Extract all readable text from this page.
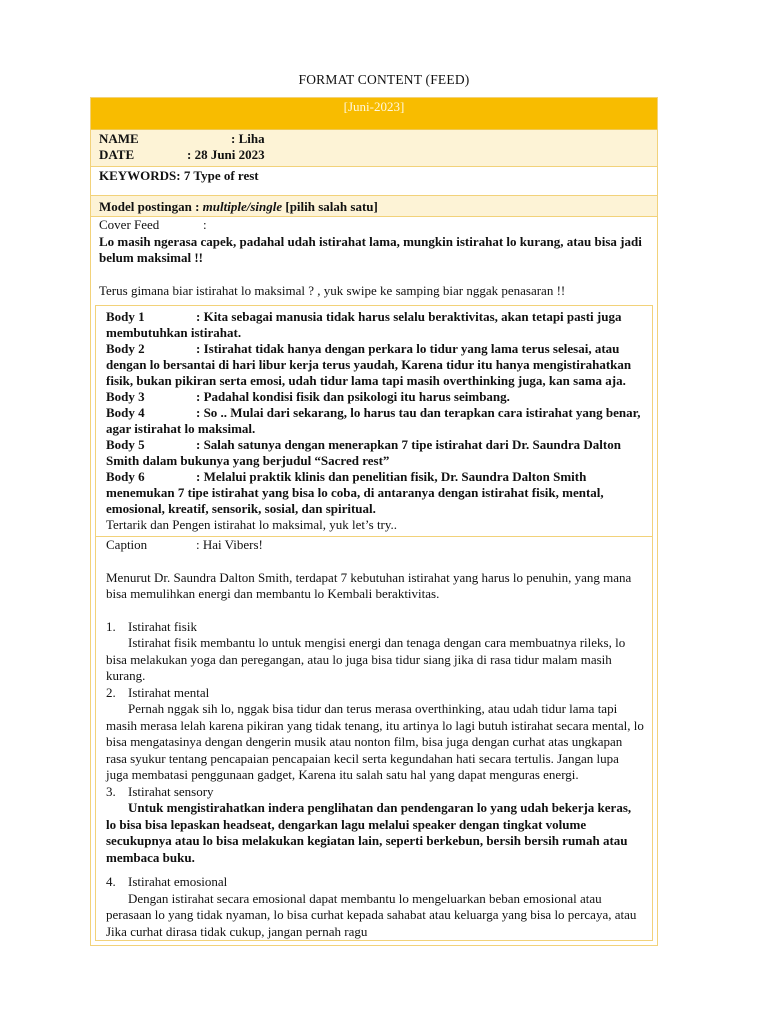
FORMAT CONTENT (FEED)
[Juni-2023]
NAME	: Liha
DATE	: 28 Juni 2023
KEYWORDS: 7 Type of rest
Model postingan : multiple/single [pilih salah satu]

Cover Feed	:

Lo masih ngerasa capek, padahal udah istirahat lama, mungkin istirahat lo kurang, atau bisa jadi belum maksimal !!

Terus gimana biar istirahat lo maksimal ? , yuk swipe ke samping biar nggak penasaran !!

Body 1	: Kita sebagai manusia tidak harus selalu beraktivitas, akan tetapi pasti juga membutuhkan istirahat.
Body 2	: Istirahat tidak hanya dengan perkara lo tidur yang lama terus selesai, atau dengan lo bersantai di hari libur kerja terus yaudah, Karena tidur itu hanya mengistirahatkan fisik, bukan pikiran serta emosi, udah tidur lama tapi masih overthinking juga, kan sama aja.
Body 3	: Padahal kondisi fisik dan psikologi itu harus seimbang.
Body 4	: So .. Mulai dari sekarang, lo harus tau dan terapkan cara istirahat yang benar, agar istirahat lo maksimal.
Body 5	: Salah satunya dengan menerapkan 7 tipe istirahat dari Dr. Saundra Dalton Smith dalam bukunya yang berjudul “Sacred rest”
Body 6	: Melalui praktik klinis dan penelitian fisik, Dr. Saundra Dalton Smith menemukan 7 tipe istirahat yang bisa lo coba, di antaranya dengan istirahat fisik, mental, emosional, kreatif, sensorik, sosial, dan spiritual.
Tertarik dan Pengen istirahat lo maksimal, yuk let’s try..

Caption	: Hai Vibers!

Menurut Dr. Saundra Dalton Smith, terdapat 7 kebutuhan istirahat yang harus lo penuhin, yang mana bisa memulihkan energi dan membantu lo Kembali beraktivitas.

1. Istirahat fisik

Istirahat fisik membantu lo untuk mengisi energi dan tenaga dengan cara membuatnya rileks, lo bisa melakukan yoga dan peregangan, atau lo juga bisa tidur siang jika di rasa tidur malam masih kurang.

2. Istirahat mental

Pernah nggak sih lo, nggak bisa tidur dan terus merasa overthinking, atau udah tidur lama tapi masih merasa lelah karena pikiran yang tidak tenang, itu artinya lo lagi butuh istirahat secara mental, lo bisa mengatasinya dengan dengerin musik atau nonton film, bisa juga dengan curhat atas ungkapan rasa syukur tentang pencapaian pencapaian kecil serta kegundahan hati secara tertulis. Jangan lupa juga membatasi penggunaan gadget, Karena itu salah satu hal yang dapat menguras energi.

3. Istirahat sensory

Untuk mengistirahatkan indera penglihatan dan pendengaran lo yang udah bekerja keras, lo bisa bisa lepaskan headseat, dengarkan lagu melalui speaker dengan tingkat volume secukupnya atau lo bisa melakukan kegiatan lain, seperti berkebun, bersih bersih rumah atau membaca buku.

4. Istirahat emosional

Dengan istirahat secara emosional dapat membantu lo mengeluarkan beban emosional atau perasaan lo yang tidak nyaman, lo bisa curhat kepada sahabat atau keluarga yang bisa lo percaya, atau Jika curhat dirasa tidak cukup, jangan pernah ragu
